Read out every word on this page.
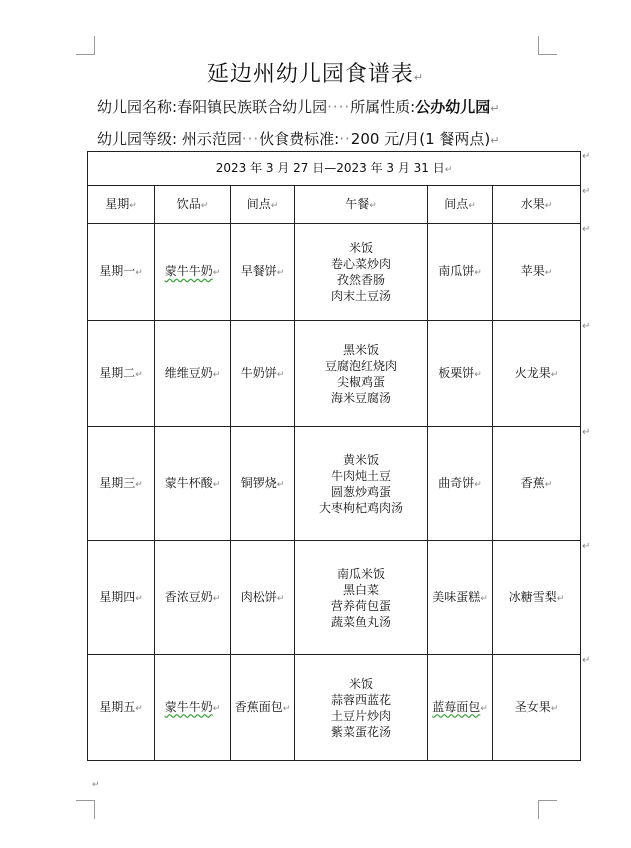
延边州幼儿园食谱表↵
幼儿园名称:春阳镇民族联合幼儿园····所属性质:公办幼儿园↵
幼儿园等级: 州示范园···伙食费标准:··200 元/月(1 餐两点)↵
2023 年 3 月 27 日—2023 年 3 月 31 日↵					
星期↵	饮品↵	间点↵	午餐↵	间点↵	水果↵
星期一↵	蒙牛牛奶↵	早餐饼↵	米饭
卷心菜炒肉
孜然香肠
肉末土豆汤	南瓜饼↵	苹果↵
星期二↵	维维豆奶↵	牛奶饼↵	黑米饭
豆腐泡红烧肉
尖椒鸡蛋
海米豆腐汤	板栗饼↵	火龙果↵
星期三↵	蒙牛杯酸↵	铜锣烧↵	黄米饭
牛肉炖土豆
圆葱炒鸡蛋
大枣枸杞鸡肉汤	曲奇饼↵	香蕉↵
星期四↵	香浓豆奶↵	肉松饼↵	南瓜米饭
黑白菜
营养荷包蛋
蔬菜鱼丸汤	美味蛋糕↵	冰糖雪梨↵
星期五↵	蒙牛牛奶↵	香蕉面包↵	米饭
蒜蓉西蓝花
土豆片炒肉
紫菜蛋花汤	蓝莓面包↵	圣女果↵
↵
↵
↵
↵
↵
↵
↵
↵
